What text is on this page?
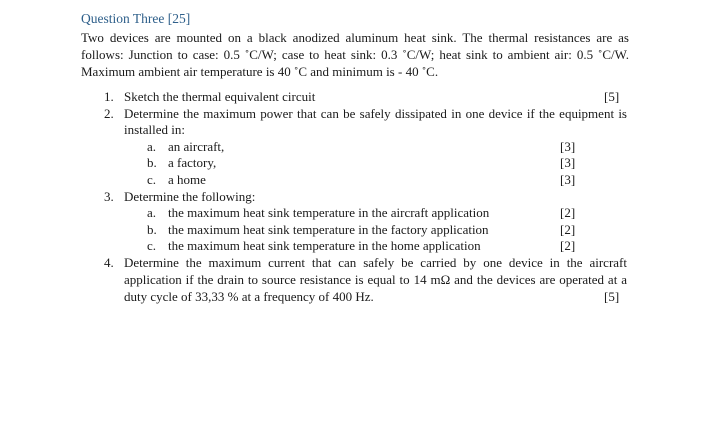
Question Three [25]
Two devices are mounted on a black anodized aluminum heat sink. The thermal resistances are as
follows: Junction to case: 0.5 ˚C/W; case to heat sink: 0.3 ˚C/W; heat sink to ambient air: 0.5 ˚C/W.
Maximum ambient air temperature is 40 ˚C and minimum is - 40 ˚C.
1. Sketch the thermal equivalent circuit	[5]
2. Determine the maximum power that can be safely dissipated in one device if the equipment is
installed in:
a. an aircraft,	[3]
b. a factory,	[3]
c. a home	[3]
3. Determine the following:
a. the maximum heat sink temperature in the aircraft application	[2]
b. the maximum heat sink temperature in the factory application	[2]
c. the maximum heat sink temperature in the home application	[2]
4. Determine the maximum current that can safely be carried by one device in the aircraft
application if the drain to source resistance is equal to 14 mΩ and the devices are operated at a
duty cycle of 33,33 % at a frequency of 400 Hz.	[5]
